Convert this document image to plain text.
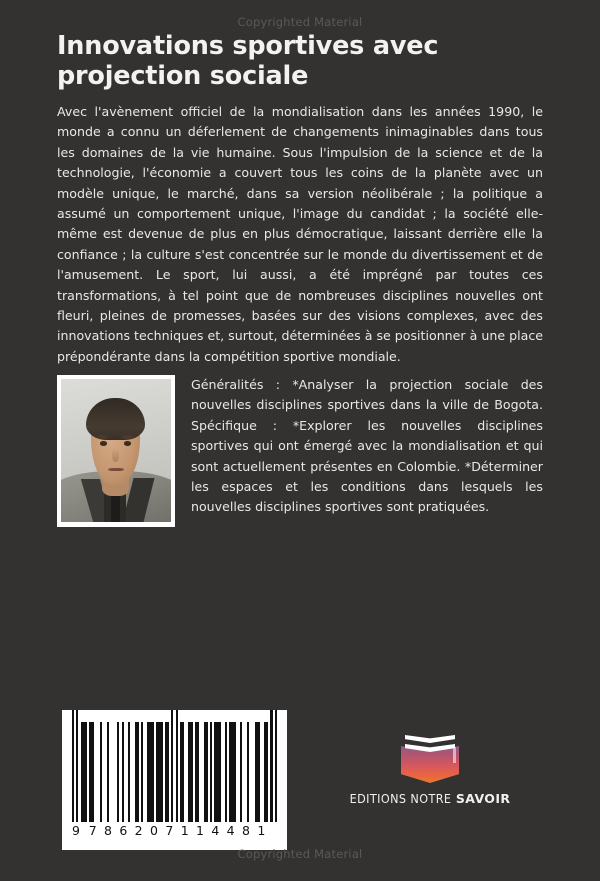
Copyrighted Material
Innovations sportives avec projection sociale
Avec l'avènement officiel de la mondialisation dans les années 1990, le monde a connu un déferlement de changements inimaginables dans tous les domaines de la vie humaine. Sous l'impulsion de la science et de la technologie, l'économie a couvert tous les coins de la planète avec un modèle unique, le marché, dans sa version néolibérale ; la politique a assumé un comportement unique, l'image du candidat ; la société elle-même est devenue de plus en plus démocratique, laissant derrière elle la confiance ; la culture s'est concentrée sur le monde du divertissement et de l'amusement. Le sport, lui aussi, a été imprégné par toutes ces transformations, à tel point que de nombreuses disciplines nouvelles ont fleuri, pleines de promesses, basées sur des visions complexes, avec des innovations techniques et, surtout, déterminées à se positionner à une place prépondérante dans la compétition sportive mondiale.
Généralités : *Analyser la projection sociale des nouvelles disciplines sportives dans la ville de Bogota. Spécifique : *Explorer les nouvelles disciplines sportives qui ont émergé avec la mondialisation et qui sont actuellement présentes en Colombie. *Déterminer les espaces et les conditions dans lesquels les nouvelles disciplines sportives sont pratiquées.
9 7 8 6 2 0 7 1 1 4 4 8 1
EDITIONS NOTRE SAVOIR
Copyrighted Material
